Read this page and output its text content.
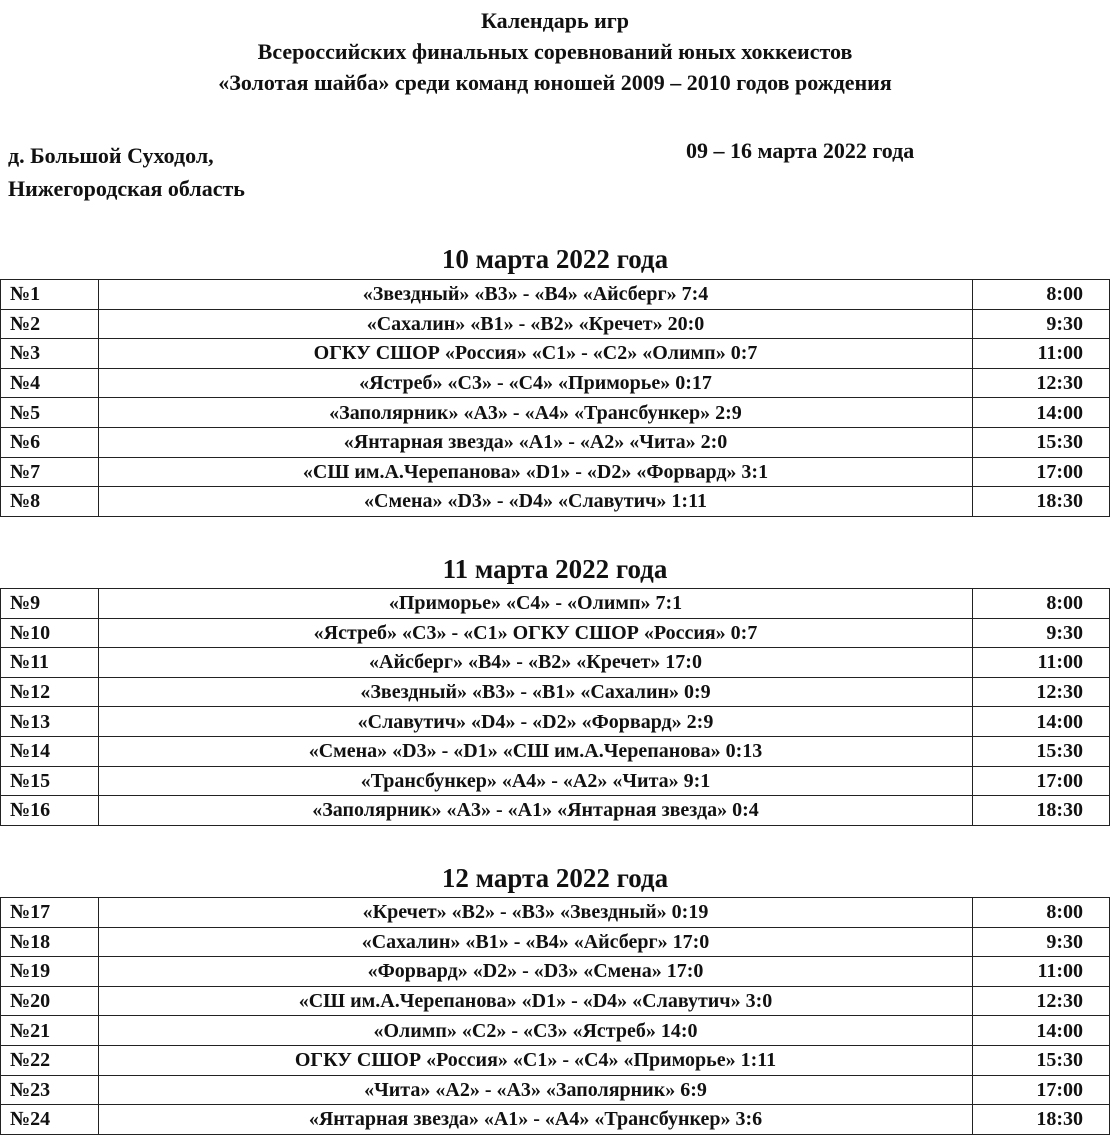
Календарь игр
Всероссийских финальных соревнований юных хоккеистов
«Золотая шайба» среди команд юношей 2009 – 2010 годов рождения
д. Большой Суходол,
Нижегородская область
09 – 16 марта 2022 года
10 марта 2022 года
№1	«Звездный» «В3» - «В4» «Айсберг» 7:4	8:00
№2	«Сахалин» «В1» - «В2» «Кречет» 20:0	9:30
№3	ОГКУ СШОР «Россия» «С1» - «С2» «Олимп» 0:7	11:00
№4	«Ястреб» «С3» - «С4» «Приморье» 0:17	12:30
№5	«Заполярник» «А3» - «А4» «Трансбункер» 2:9	14:00
№6	«Янтарная звезда» «А1» - «А2» «Чита» 2:0	15:30
№7	«СШ им.А.Черепанова» «D1» - «D2» «Форвард» 3:1	17:00
№8	«Смена» «D3» - «D4» «Славутич» 1:11	18:30
11 марта 2022 года
№9	«Приморье» «С4» - «Олимп» 7:1	8:00
№10	«Ястреб» «С3» - «С1» ОГКУ СШОР «Россия» 0:7	9:30
№11	«Айсберг» «В4» - «В2» «Кречет» 17:0	11:00
№12	«Звездный» «В3» - «В1» «Сахалин» 0:9	12:30
№13	«Славутич» «D4» - «D2» «Форвард» 2:9	14:00
№14	«Смена» «D3» - «D1» «СШ им.А.Черепанова» 0:13	15:30
№15	«Трансбункер» «А4» - «А2» «Чита» 9:1	17:00
№16	«Заполярник» «А3» - «А1» «Янтарная звезда» 0:4	18:30
12 марта 2022 года
№17	«Кречет» «В2» - «В3» «Звездный» 0:19	8:00
№18	«Сахалин» «В1» - «В4» «Айсберг» 17:0	9:30
№19	«Форвард» «D2» - «D3» «Смена» 17:0	11:00
№20	«СШ им.А.Черепанова» «D1» - «D4» «Славутич» 3:0	12:30
№21	«Олимп» «С2» - «С3» «Ястреб» 14:0	14:00
№22	ОГКУ СШОР «Россия» «С1» - «С4» «Приморье» 1:11	15:30
№23	«Чита» «А2» - «А3» «Заполярник» 6:9	17:00
№24	«Янтарная звезда» «А1» - «А4» «Трансбункер» 3:6	18:30
